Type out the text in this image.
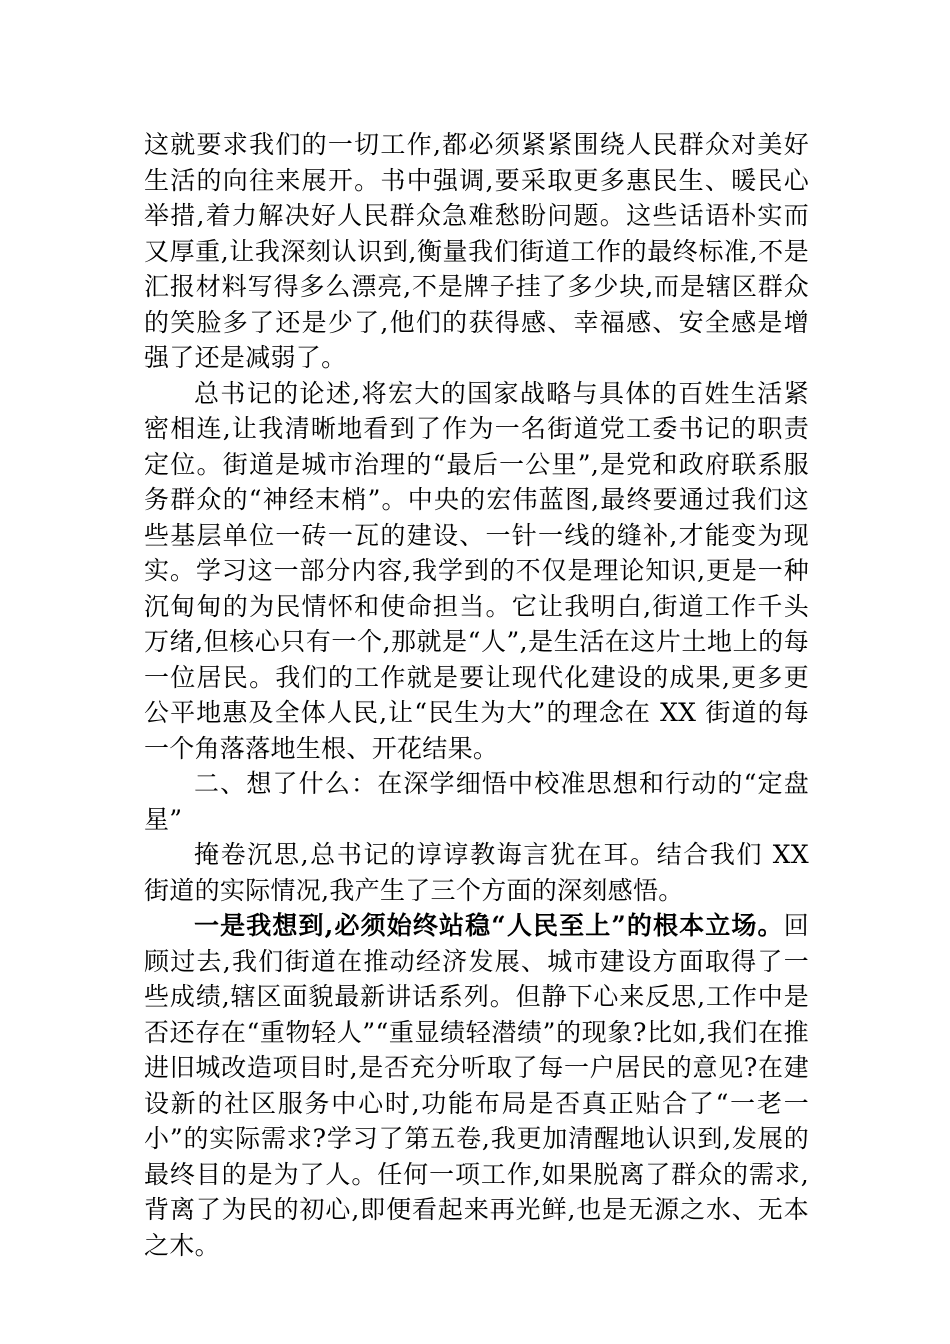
这就要求我们的一切工作,都必须紧紧围绕人民群众对美好生活的向往来展开。书中强调,要采取更多惠民生、暖民心举措,着力解决好人民群众急难愁盼问题。这些话语朴实而又厚重,让我深刻认识到,衡量我们街道工作的最终标准,不是汇报材料写得多么漂亮,不是牌子挂了多少块,而是辖区群众的笑脸多了还是少了,他们的获得感、幸福感、安全感是增强了还是减弱了。

总书记的论述,将宏大的国家战略与具体的百姓生活紧密相连,让我清晰地看到了作为一名街道党工委书记的职责定位。街道是城市治理的“最后一公里”,是党和政府联系服务群众的“神经末梢”。中央的宏伟蓝图,最终要通过我们这些基层单位一砖一瓦的建设、一针一线的缝补,才能变为现实。学习这一部分内容,我学到的不仅是理论知识,更是一种沉甸甸的为民情怀和使命担当。它让我明白,街道工作千头万绪,但核心只有一个,那就是“人”,是生活在这片土地上的每一位居民。我们的工作就是要让现代化建设的成果,更多更公平地惠及全体人民,让“民生为大”的理念在 XX 街道的每一个角落落地生根、开花结果。

二、想了什么：在深学细悟中校准思想和行动的“定盘星”

掩卷沉思,总书记的谆谆教诲言犹在耳。结合我们 XX 街道的实际情况,我产生了三个方面的深刻感悟。

一是我想到,必须始终站稳“人民至上”的根本立场。回顾过去,我们街道在推动经济发展、城市建设方面取得了一些成绩,辖区面貌最新讲话系列。但静下心来反思,工作中是否还存在“重物轻人”“重显绩轻潜绩”的现象?比如,我们在推进旧城改造项目时,是否充分听取了每一户居民的意见?在建设新的社区服务中心时,功能布局是否真正贴合了“一老一小”的实际需求?学习了第五卷,我更加清醒地认识到,发展的最终目的是为了人。任何一项工作,如果脱离了群众的需求,背离了为民的初心,即便看起来再光鲜,也是无源之水、无本之木。
